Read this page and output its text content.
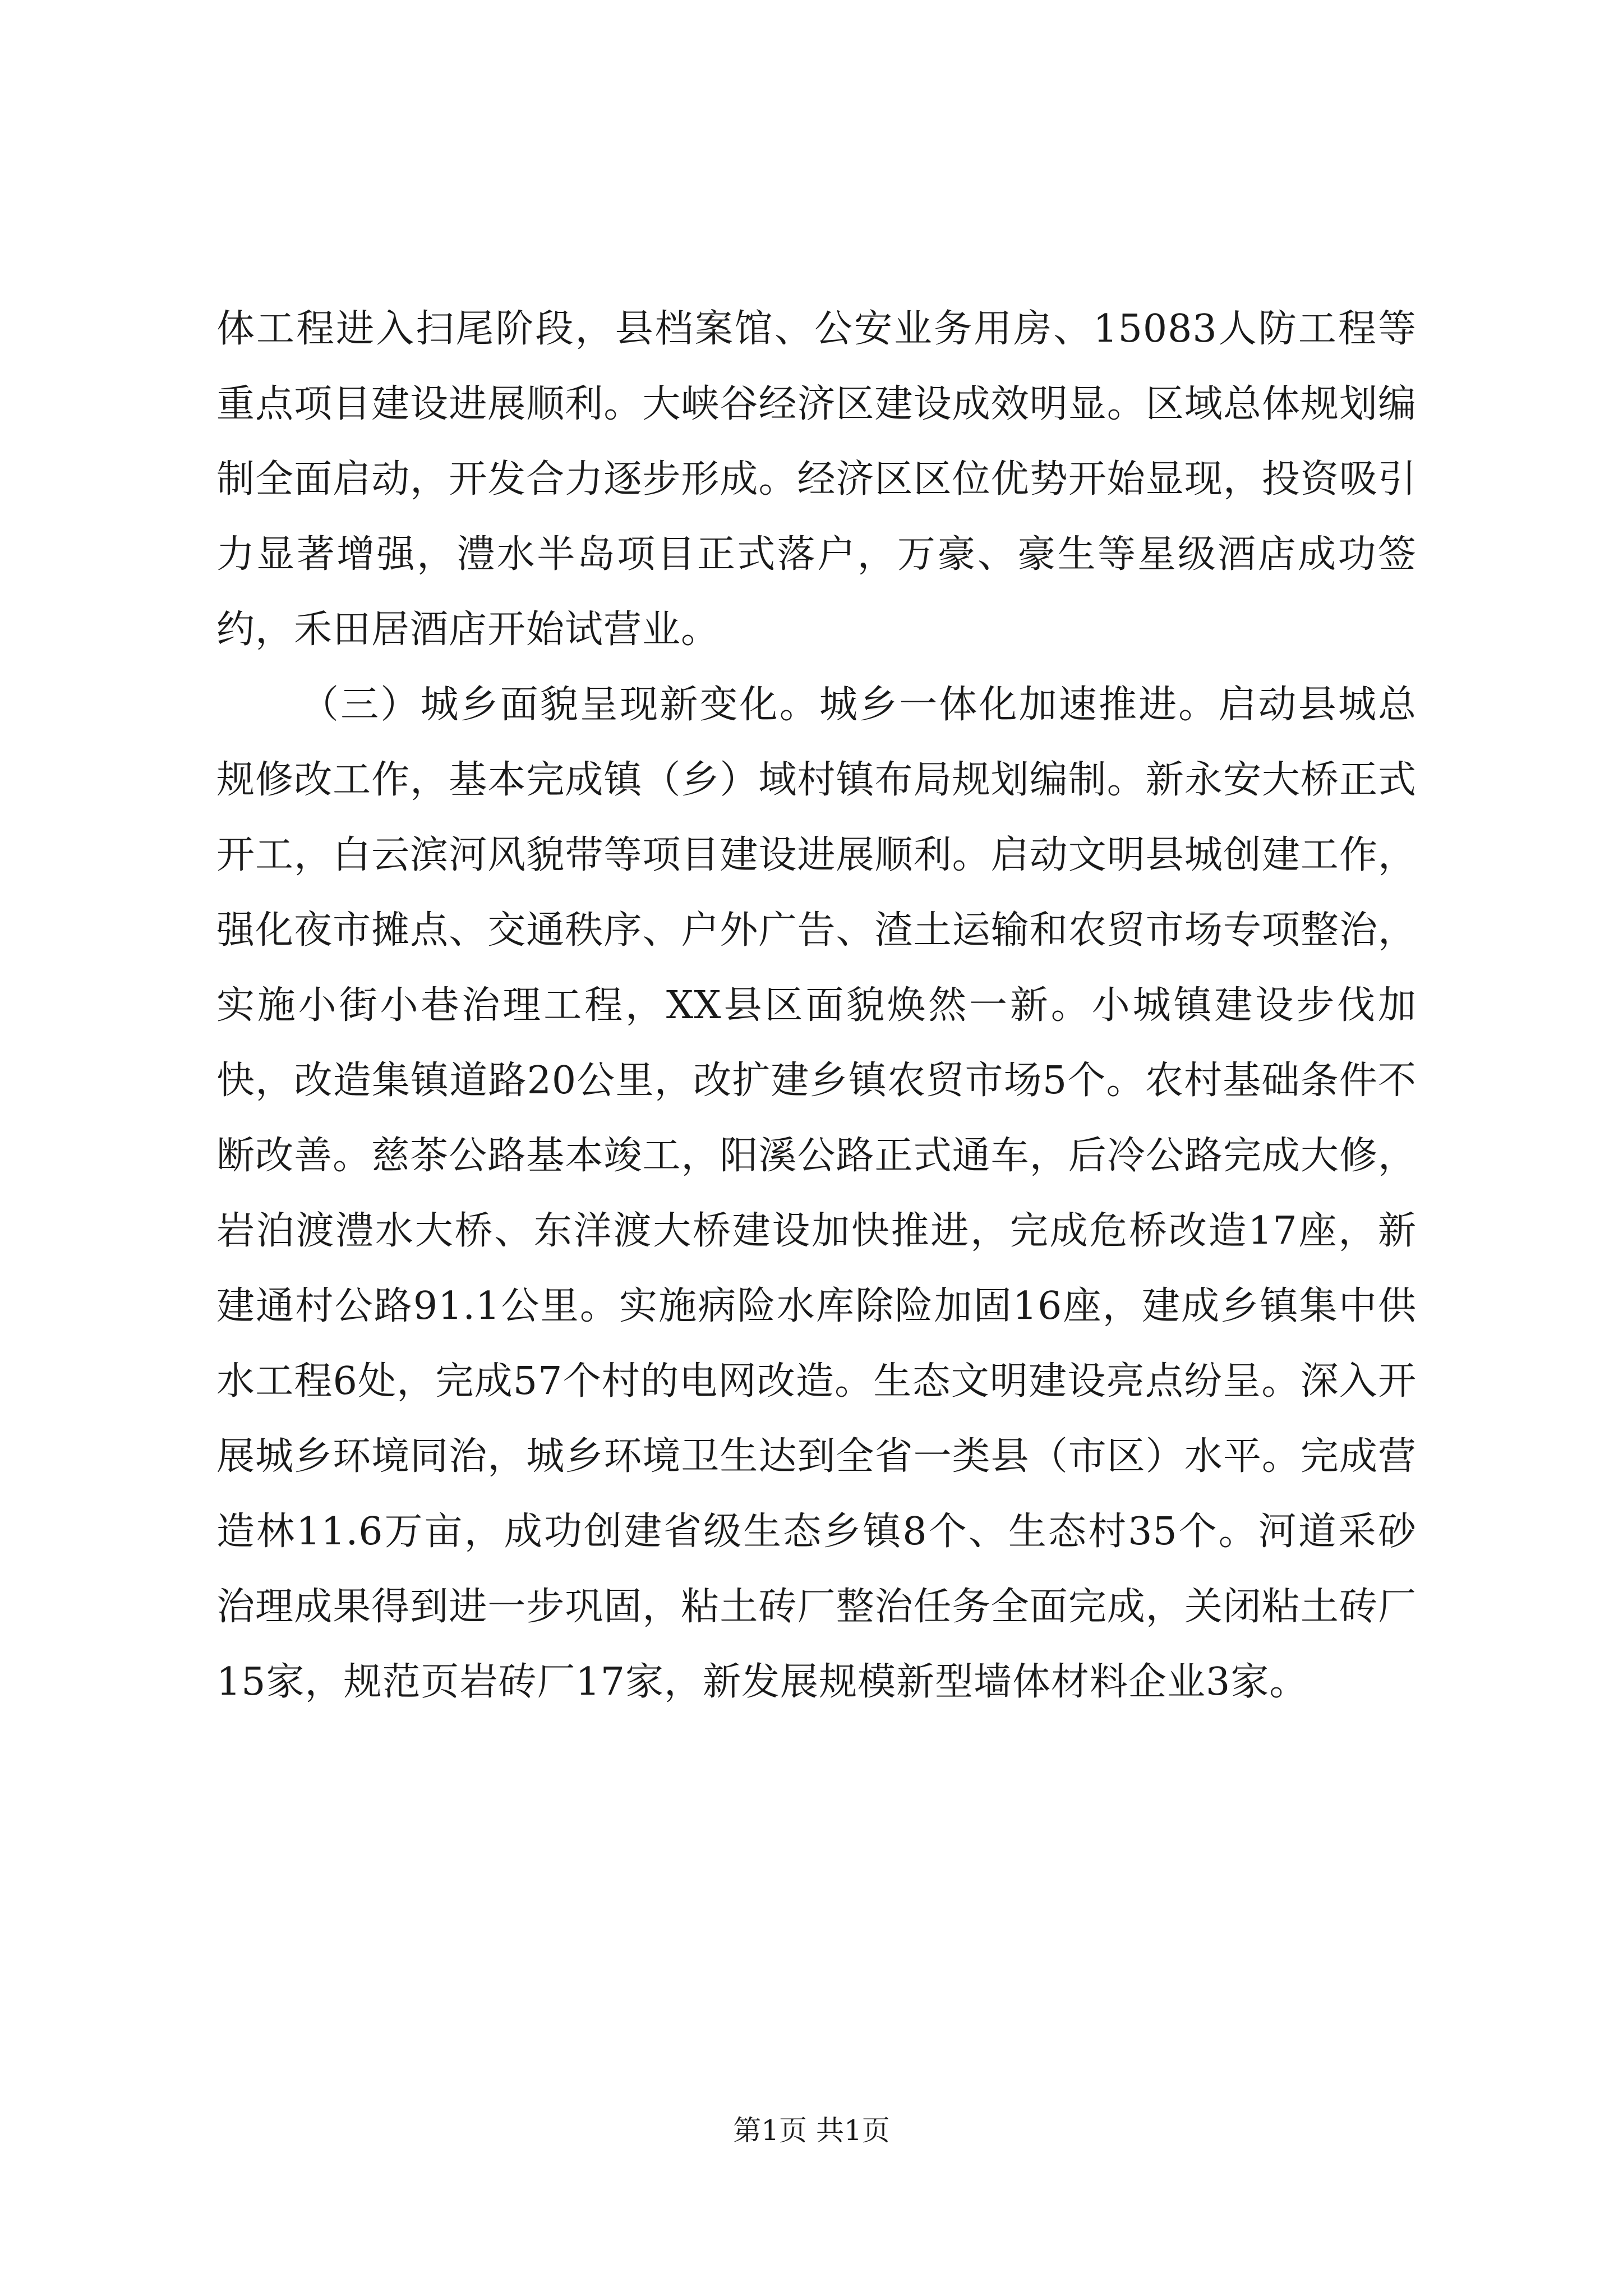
体工程进入扫尾阶段，县档案馆、公安业务用房、15083人防工程等重点项目建设进展顺利。大峡谷经济区建设成效明显。区域总体规划编制全面启动，开发合力逐步形成。经济区区位优势开始显现，投资吸引力显著增强，澧水半岛项目正式落户，万豪、豪生等星级酒店成功签约，禾田居酒店开始试营业。

（三）城乡面貌呈现新变化。城乡一体化加速推进。启动县城总规修改工作，基本完成镇（乡）域村镇布局规划编制。新永安大桥正式开工，白云滨河风貌带等项目建设进展顺利。启动文明县城创建工作，强化夜市摊点、交通秩序、户外广告、渣土运输和农贸市场专项整治，实施小街小巷治理工程，XX县区面貌焕然一新。小城镇建设步伐加快，改造集镇道路20公里，改扩建乡镇农贸市场5个。农村基础条件不断改善。慈茶公路基本竣工，阳溪公路正式通车，后冷公路完成大修，岩泊渡澧水大桥、东洋渡大桥建设加快推进，完成危桥改造17座，新建通村公路91.1公里。实施病险水库除险加固16座，建成乡镇集中供水工程6处，完成57个村的电网改造。生态文明建设亮点纷呈。深入开展城乡环境同治，城乡环境卫生达到全省一类县（市区）水平。完成营造林11.6万亩，成功创建省级生态乡镇8个、生态村35个。河道采砂治理成果得到进一步巩固，粘土砖厂整治任务全面完成，关闭粘土砖厂15家，规范页岩砖厂17家，新发展规模新型墙体材料企业3家。

第1页 共1页
